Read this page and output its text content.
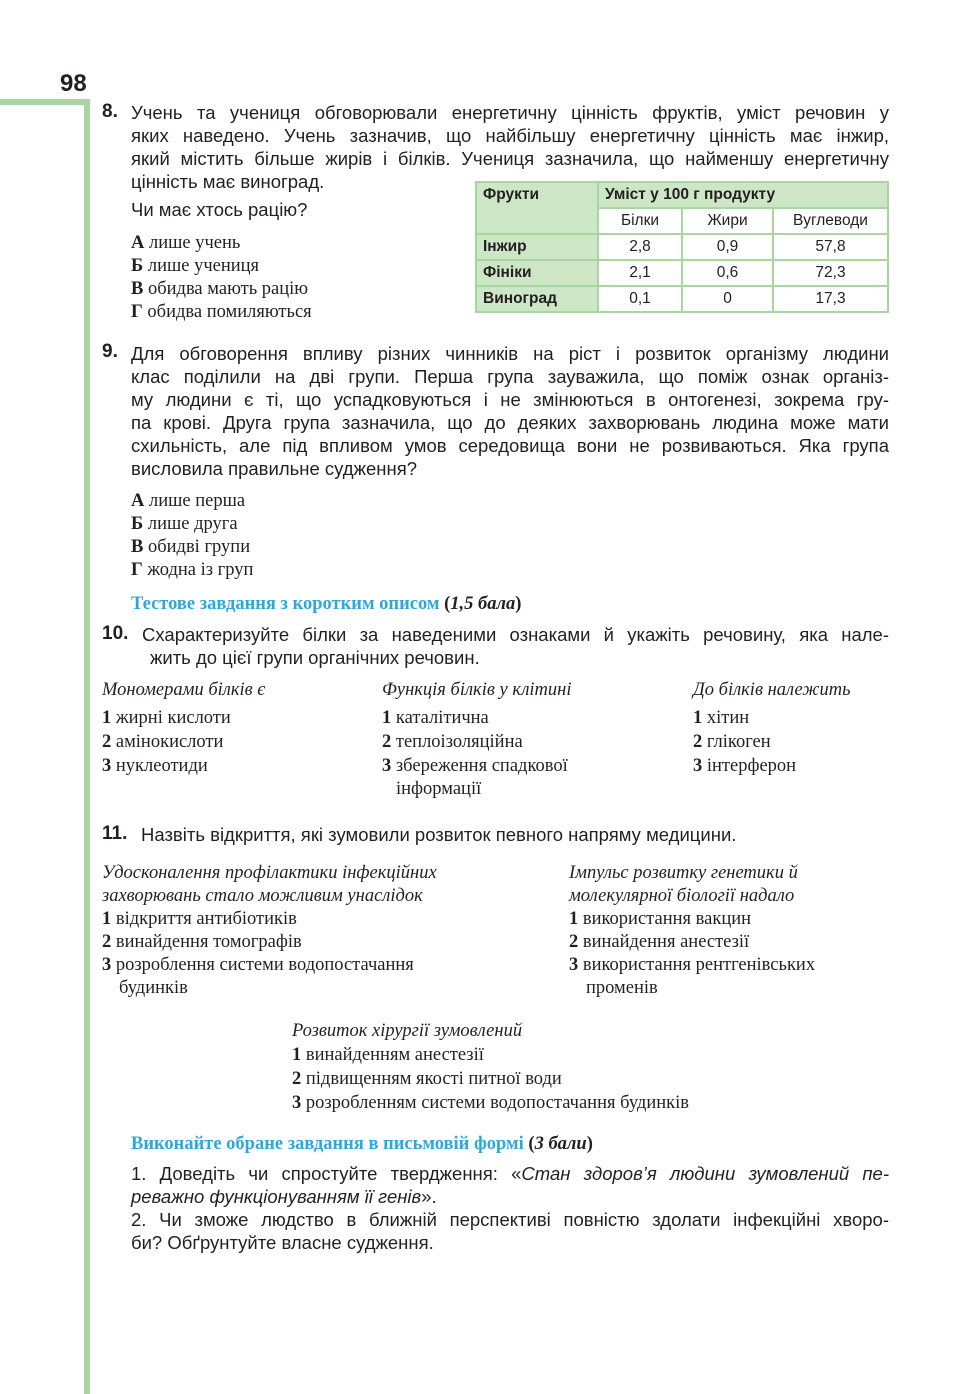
98
8. Учень та учениця обговорювали енергетичну цінність фруктів, уміст речовин у
яких наведено. Учень зазначив, що найбільшу енергетичну цінність має інжир,
який містить більше жирів і білків. Учениця зазначила, що найменшу енергетичну
цінність має виноград.
Чи має хтось рацію?
А лише учень
Б лише учениця
В обидва мають рацію
Г обидва помиляються
Фрукти	Уміст у 100 г продукту		
	Білки	Жири	Вуглеводи
Інжир	2,8	0,9	57,8
Фініки	2,1	0,6	72,3
Виноград	0,1	0	17,3
9. Для обговорення впливу різних чинників на ріст і розвиток організму людини
клас поділили на дві групи. Перша група зауважила, що поміж ознак організ-
му людини є ті, що успадковуються і не змінюються в онтогенезі, зокрема гру-
па крові. Друга група зазначила, що до деяких захворювань людина може мати
схильність, але під впливом умов середовища вони не розвиваються. Яка група
висловила правильне судження?
А лише перша
Б лише друга
В обидві групи
Г жодна із груп
Тестове завдання з коротким описом (1,5 бала)
10. Схарактеризуйте білки за наведеними ознаками й укажіть речовину, яка нале-
жить до цієї групи органічних речовин.
Мономерами білків є
1 жирні кислоти
2 амінокислоти
3 нуклеотиди
Функція білків у клітині
1 каталітична
2 теплоізоляційна
3 збереження спадкової
інформації
До білків належить
1 хітин
2 глікоген
3 інтерферон
11. Назвіть відкриття, які зумовили розвиток певного напряму медицини.
Удосконалення профілактики інфекційних
захворювань стало можливим унаслідок
1 відкриття антибіотиків
2 винайдення томографів
3 розроблення системи водопостачання
будинків
Імпульс розвитку генетики й
молекулярної біології надало
1 використання вакцин
2 винайдення анестезії
3 використання рентгенівських
променів
Розвиток хірургії зумовлений
1 винайденням анестезії
2 підвищенням якості питної води
3 розробленням системи водопостачання будинків
Виконайте обране завдання в письмовій формі (3 бали)
1. Доведіть чи спростуйте твердження: «Стан здоров’я людини зумовлений пе-
реважно функціонуванням її генів».
2. Чи зможе людство в ближній перспективі повністю здолати інфекційні хворо-
би? Обґрунтуйте власне судження.
